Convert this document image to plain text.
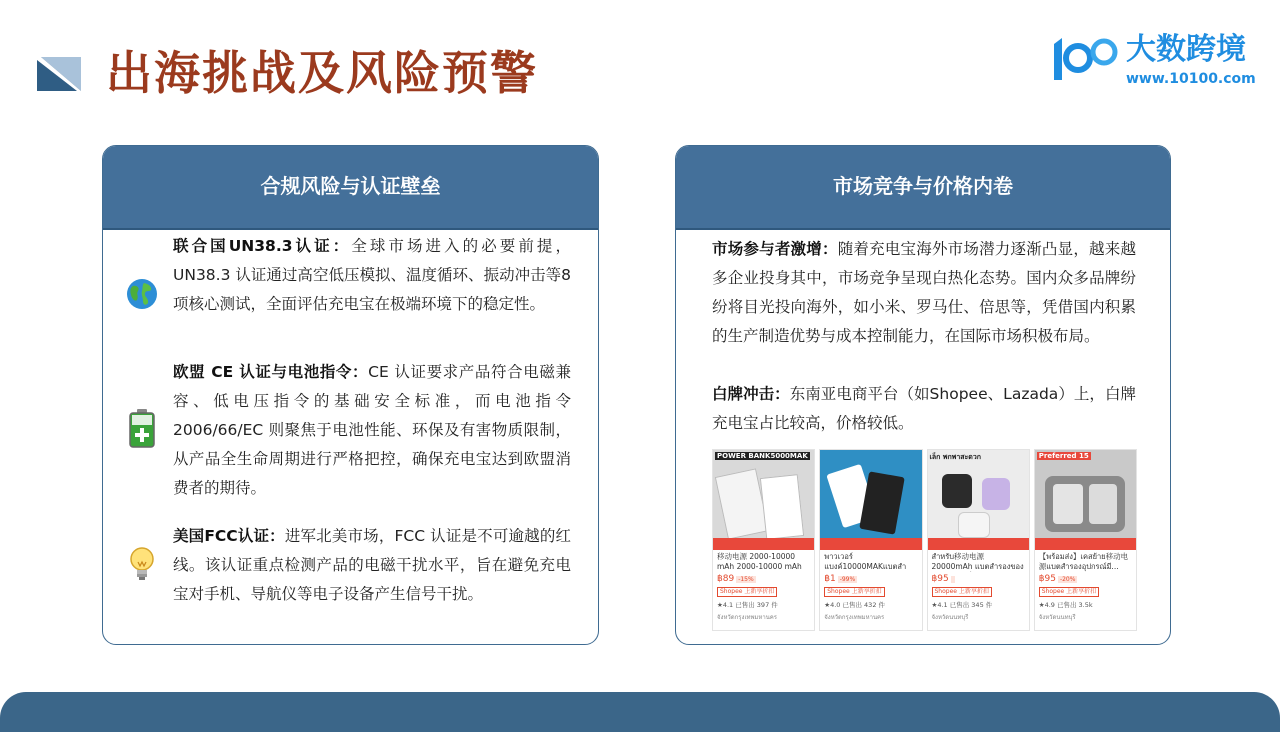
出海挑战及风险预警	大数跨境
www.10100.com
合规风险与认证壁垒
联合国UN38.3认证：全球市场进入的必要前提，UN38.3 认证通过高空低压模拟、温度循环、振动冲击等8项核心测试，全面评估充电宝在极端环境下的稳定性。
欧盟 CE 认证与电池指令：CE 认证要求产品符合电磁兼容、低电压指令的基础安全标准，而电池指令 2006/66/EC 则聚焦于电池性能、环保及有害物质限制，从产品全生命周期进行严格把控，确保充电宝达到欧盟消费者的期待。
美国FCC认证：进军北美市场，FCC 认证是不可逾越的红线。该认证重点检测产品的电磁干扰水平，旨在避免充电宝对手机、导航仪等电子设备产生信号干扰。
市场竞争与价格内卷
市场参与者激增：随着充电宝海外市场潜力逐渐凸显，越来越多企业投身其中，市场竞争呈现白热化态势。国内众多品牌纷纷将目光投向海外，如小米、罗马仕、倍思等，凭借国内积累的生产制造优势与成本控制能力，在国际市场积极布局。
白牌冲击：东南亚电商平台（如Shopee、Lazada）上，白牌充电宝占比较高，价格较低。
POWER BANK5000MAK
移动电源 2000-10000 mAh 2000-10000 mAh
฿89 -15%
Shopee 上新享折扣
★4.1 已售出 397 件
จังหวัดกรุงเทพมหานคร
พาวเวอร์แบงค์10000MAKแบตสำ
฿1 -99%
Shopee 上新享折扣
★4.0 已售出 432 件
จังหวัดกรุงเทพมหานคร
เล็ก พกพาสะดวก
สำหรับ移动电源 20000mAh แบตสำรองของ
฿95
Shopee 上新享折扣
★4.1 已售出 345 件
จังหวัดนนทบุรี
Preferred 15
【พร้อมส่ง】เคสย้าย移动电源แบตสำรองอุปกรณ์มี...
฿95 -20%
Shopee 上新享折扣
★4.9 已售出 3.5k
จังหวัดนนทบุรี
